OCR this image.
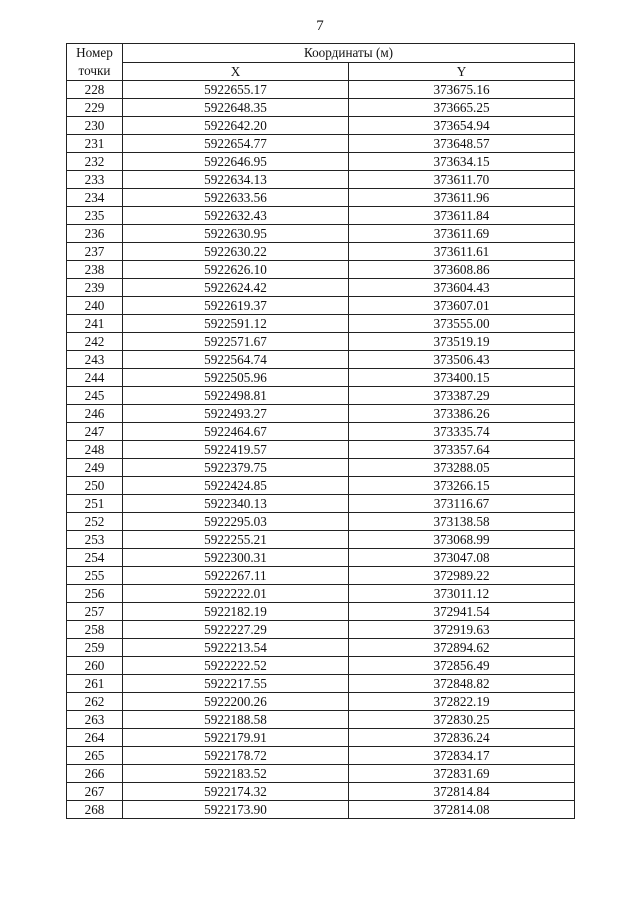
7
Номер
точки	Координаты (м)	
	X	Y
228	5922655.17	373675.16
229	5922648.35	373665.25
230	5922642.20	373654.94
231	5922654.77	373648.57
232	5922646.95	373634.15
233	5922634.13	373611.70
234	5922633.56	373611.96
235	5922632.43	373611.84
236	5922630.95	373611.69
237	5922630.22	373611.61
238	5922626.10	373608.86
239	5922624.42	373604.43
240	5922619.37	373607.01
241	5922591.12	373555.00
242	5922571.67	373519.19
243	5922564.74	373506.43
244	5922505.96	373400.15
245	5922498.81	373387.29
246	5922493.27	373386.26
247	5922464.67	373335.74
248	5922419.57	373357.64
249	5922379.75	373288.05
250	5922424.85	373266.15
251	5922340.13	373116.67
252	5922295.03	373138.58
253	5922255.21	373068.99
254	5922300.31	373047.08
255	5922267.11	372989.22
256	5922222.01	373011.12
257	5922182.19	372941.54
258	5922227.29	372919.63
259	5922213.54	372894.62
260	5922222.52	372856.49
261	5922217.55	372848.82
262	5922200.26	372822.19
263	5922188.58	372830.25
264	5922179.91	372836.24
265	5922178.72	372834.17
266	5922183.52	372831.69
267	5922174.32	372814.84
268	5922173.90	372814.08
